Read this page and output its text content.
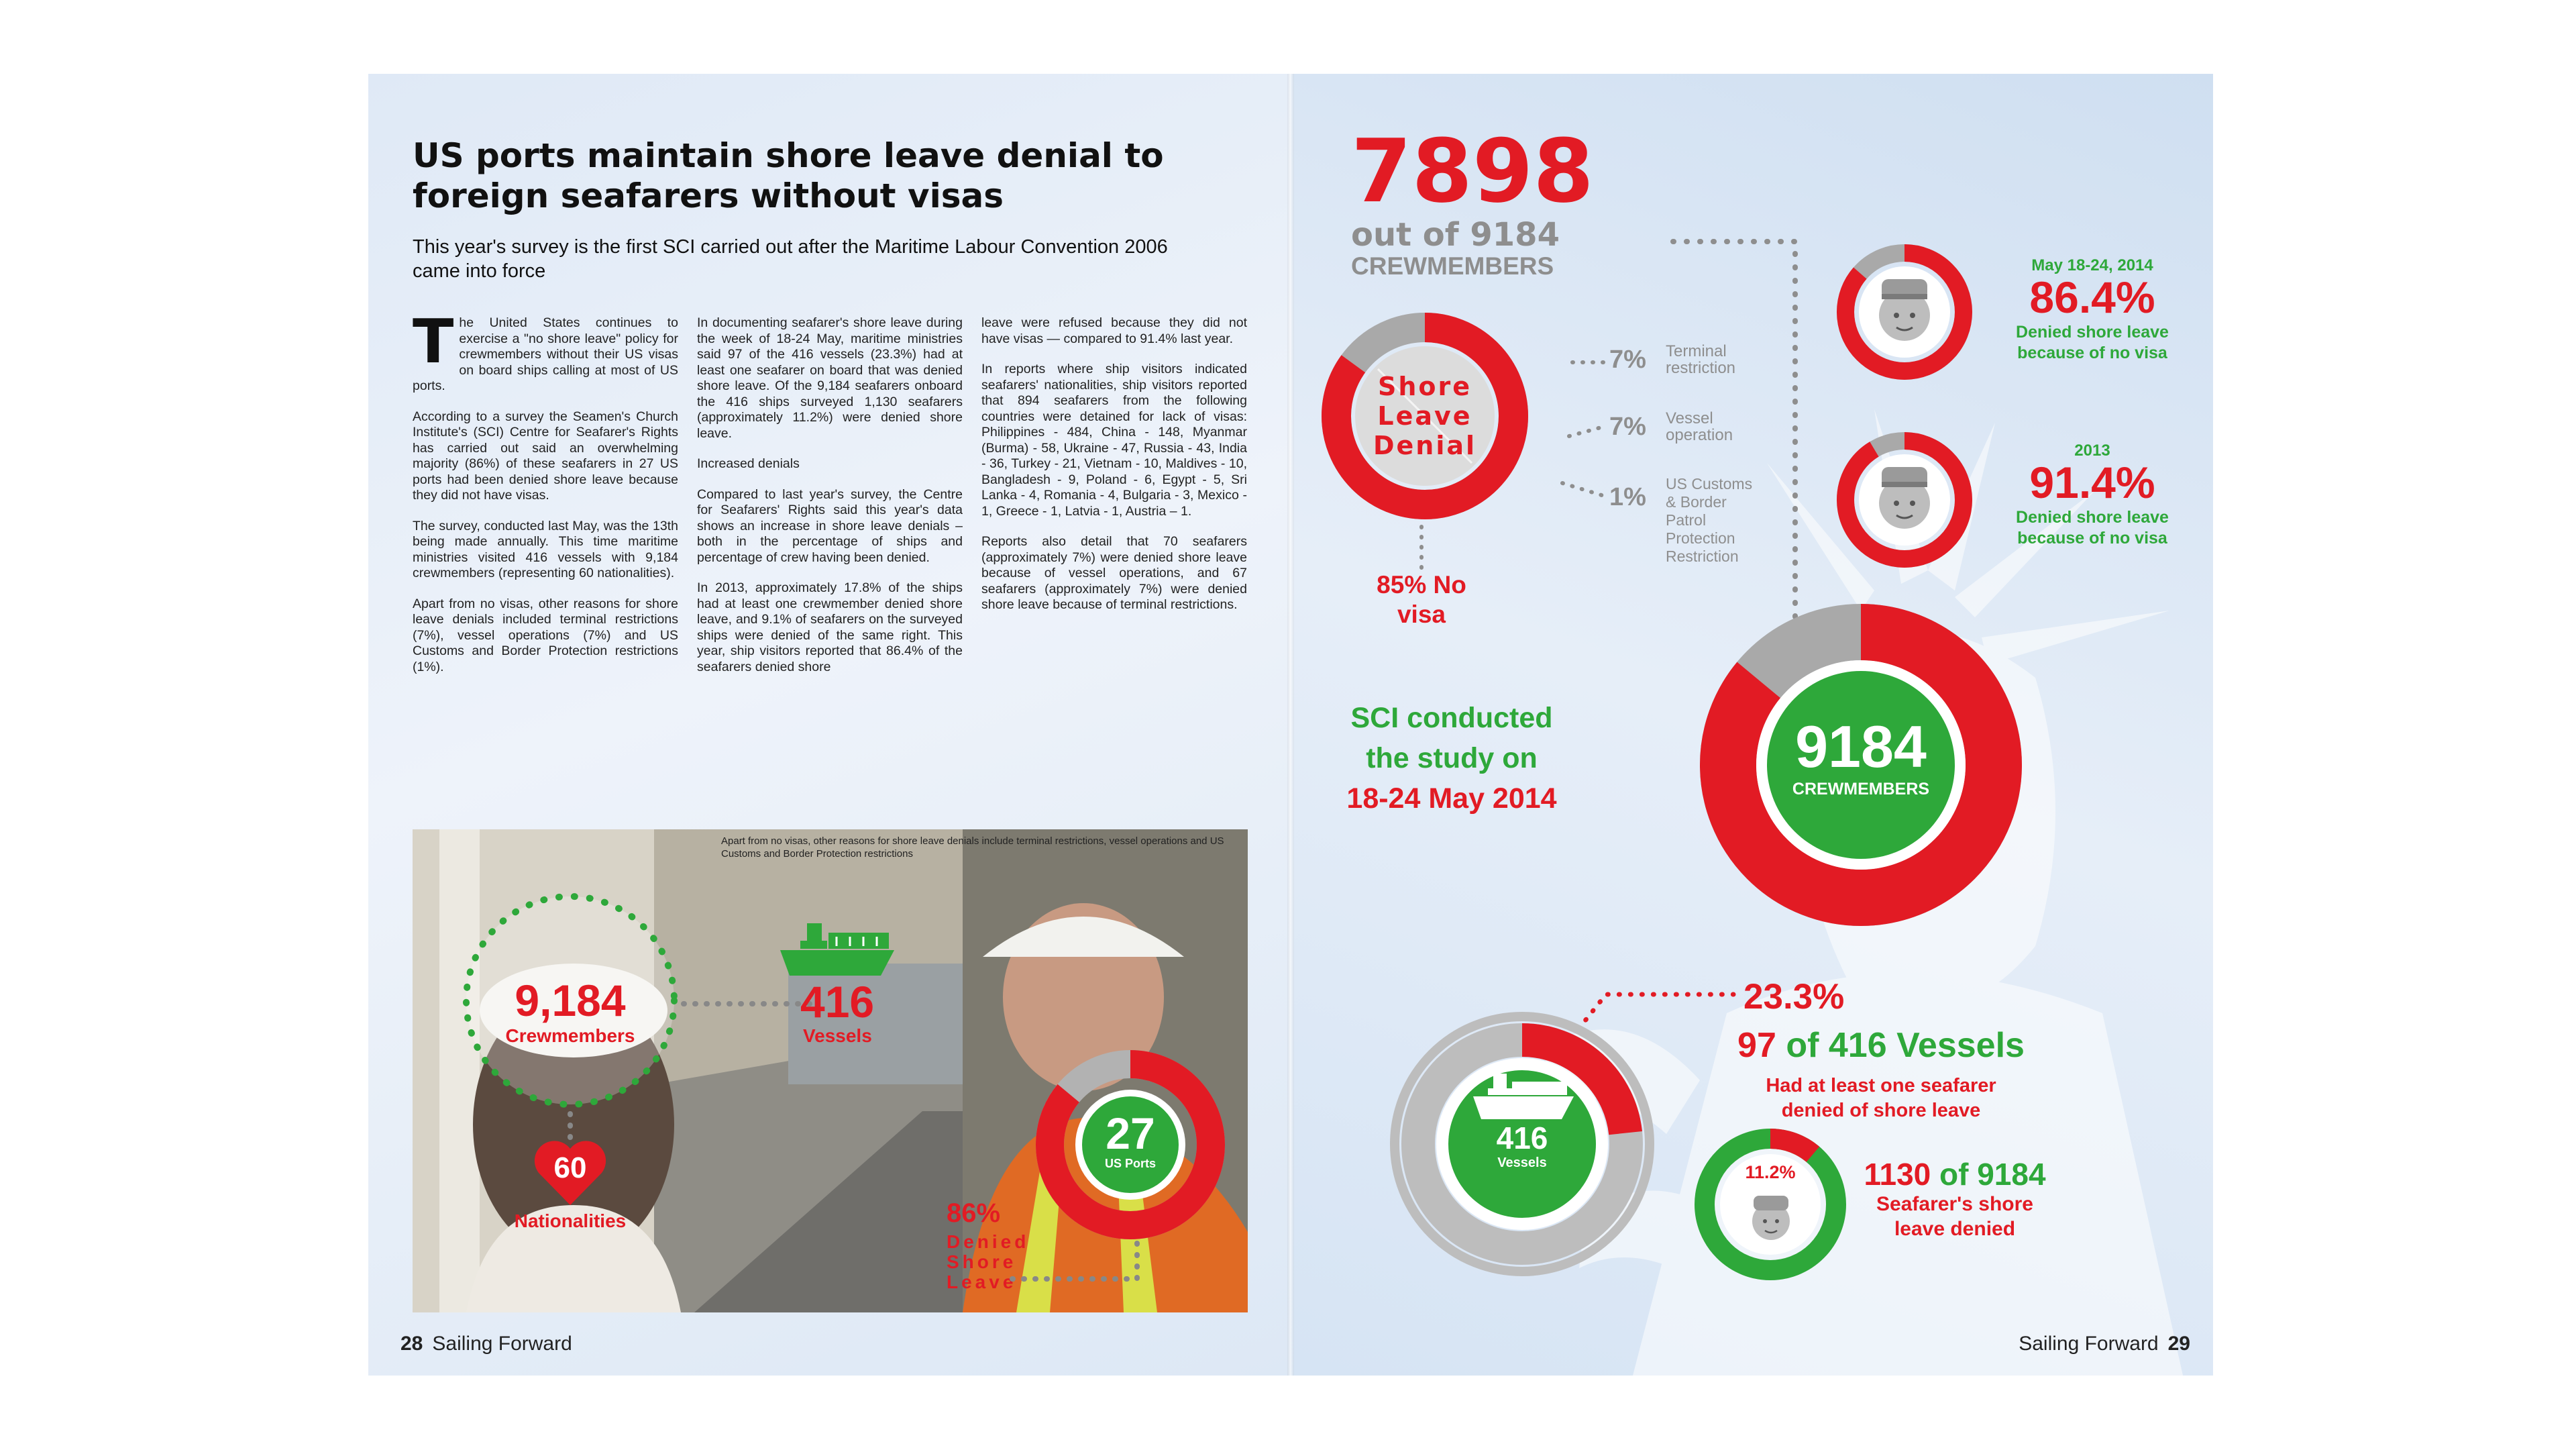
US ports maintain shore leave denial to foreign seafarers without visas
This year's survey is the first SCI carried out after the Maritime Labour Convention 2006 came into force

The United States continues to exercise a "no shore leave" policy for crewmembers without their US visas on board ships calling at most of US ports.

According to a survey the Seamen's Church Institute's (SCI) Centre for Seafarer's Rights has carried out said an overwhelming majority (86%) of these seafarers in 27 US ports had been denied shore leave because they did not have visas.

The survey, conducted last May, was the 13th being made annually. This time maritime ministries visited 416 vessels with 9,184 crewmembers (representing 60 nationalities).

Apart from no visas, other reasons for shore leave denials included terminal restrictions (7%), vessel operations (7%) and US Customs and Border Protection restrictions (1%).

In documenting seafarer's shore leave during the week of 18-24 May, maritime ministries said 97 of the 416 vessels (23.3%) had at least one seafarer on board that was denied shore leave. Of the 9,184 seafarers onboard the 416 ships surveyed 1,130 seafarers (approximately 11.2%) were denied shore leave.

Increased denials

Compared to last year's survey, the Centre for Seafarers' Rights said this year's data shows an increase in shore leave denials – both in the percentage of ships and percentage of crew having been denied.

In 2013, approximately 17.8% of the ships had at least one crewmember denied shore leave, and 9.1% of seafarers on the surveyed ships were denied of the same right. This year, ship visitors reported that 86.4% of the seafarers denied shore

leave were refused because they did not have visas — compared to 91.4% last year.

In reports where ship visitors indicated seafarers' nationalities, ship visitors reported that 894 seafarers from the following countries were detained for lack of visas: Philippines - 484, China - 148, Myanmar (Burma) - 58, Ukraine - 47, Russia - 43, India - 36, Turkey - 21, Vietnam - 10, Maldives - 10, Bangladesh - 9, Poland - 6, Egypt - 5, Sri Lanka - 4, Romania - 4, Bulgaria - 3, Mexico - 1, Greece - 1, Latvia - 1, Austria – 1.

Reports also detail that 70 seafarers (approximately 7%) were denied shore leave because of vessel operations, and 67 seafarers (approximately 7%) were denied shore leave because of terminal restrictions.

Apart from no visas, other reasons for shore leave denials include terminal restrictions, vessel operations and US Customs and Border Protection restrictions
9,184
Crewmembers
416
Vessels
60
Nationalities
27
US Ports
86%
Denied
Shore
Leave
28 Sailing Forward
7898
out of 9184
CREWMEMBERS
Shore
Leave
Denial
85% No
visa
7% Terminal
restriction
7% Vessel
operation
1% US Customs
& Border
Patrol
Protection
Restriction
May 18-24, 2014
86.4%
Denied shore leave
because of no visa
2013
91.4%
Denied shore leave
because of no visa
SCI conducted
the study on
18-24 May 2014
9184
CREWMEMBERS
416
Vessels
23.3%
97 of 416 Vessels
Had at least one seafarer
denied of shore leave
11.2%	1130 of 9184
Seafarer's shore
leave denied
Sailing Forward 29
